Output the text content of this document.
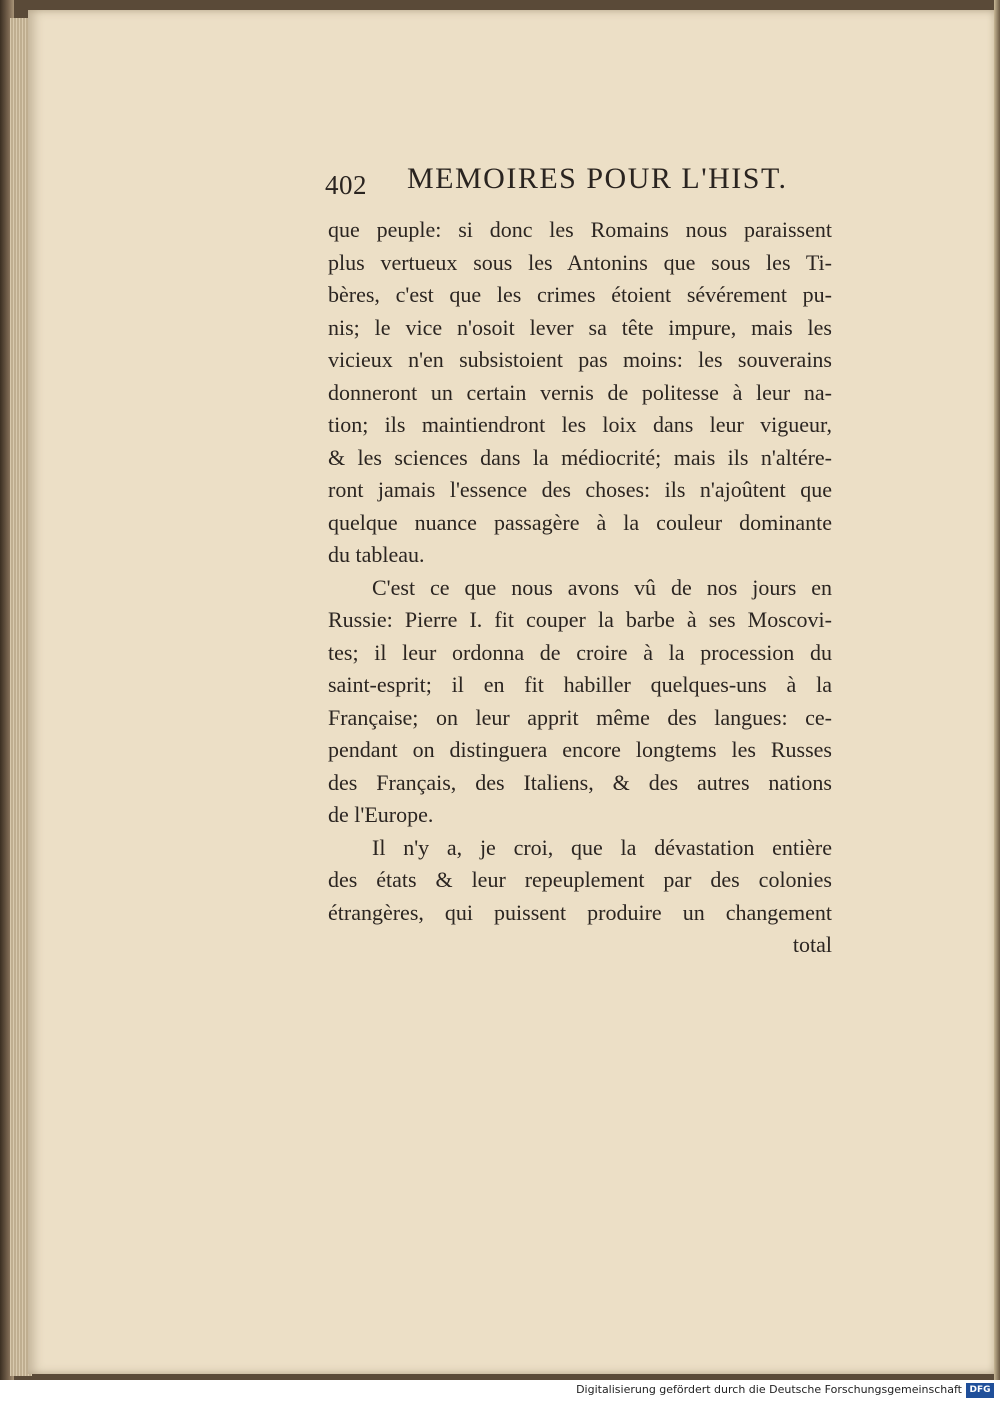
402 MEMOIRES POUR L'HIST.
que peuple: si donc les Romains nous paraissent
plus vertueux sous les Antonins que sous les Ti-
bères, c'est que les crimes étoient sévérement pu-
nis; le vice n'osoit lever sa tête impure, mais les
vicieux n'en subsistoient pas moins: les souverains
donneront un certain vernis de politesse à leur na-
tion; ils maintiendront les loix dans leur vigueur,
& les sciences dans la médiocrité; mais ils n'altére-
ront jamais l'essence des choses: ils n'ajoûtent que
quelque nuance passagère à la couleur dominante
du tableau.
C'est ce que nous avons vû de nos jours en
Russie: Pierre I. fit couper la barbe à ses Moscovi-
tes; il leur ordonna de croire à la procession du
saint-esprit; il en fit habiller quelques-uns à la
Française; on leur apprit même des langues: ce-
pendant on distinguera encore longtems les Russes
des Français, des Italiens, & des autres nations
de l'Europe.
Il n'y a, je croi, que la dévastation entière
des états & leur repeuplement par des colonies
étrangères, qui puissent produire un changement
total
Digitalisierung gefördert durch die Deutsche Forschungsgemeinschaft DFG
